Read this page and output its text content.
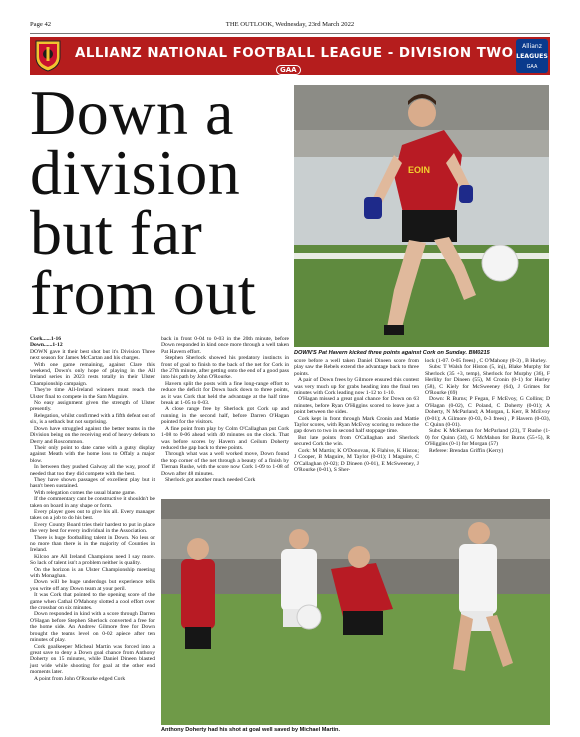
Page 42	THE OUTLOOK, Wednesday, 23rd March 2022
ALLIANZ NATIONAL FOOTBALL LEAGUE - DIVISION TWO
GAA
Allianz
LEAGUES
GAA
Down a
division
but far
from out
EOIN
DOWN'S Pat Havern kicked three points against Cork on Sunday. BM0215

Cork......1-16

Down......1-12

DOWN gave it their best shot but it's Division Three next season for James McCartan and his charges.

With one game remaining, against Clare this weekend, Down's only hope of playing in the All Ireland series in 2023 rests totally in their Ulster Championship campaign.

They're time All-Ireland winners must reach the Ulster final to compete in the Sam Maguire.

No easy assignment given the strength of Ulster presently.

Relegation, whilst confirmed with a fifth defeat out of six, is a setback but not surprising.

Down have struggled against the better teams in the Division being on the receiving end of heavy defeats to Derry and Roscommon.

Their only point to date came with a gutsy display against Meath with the home loss to Offaly a major blow.

In between they pushed Galway all the way, proof if needed that too they did compete with the best.

They have shown passages of excellent play but it hasn't been sustained.

With relegation comes the usual blame game.

If the commentary cant be constructive it shouldn't be taken on board in any shape or form.

Every player goes out to give his all. Every manager takes on a job to do his best.

Every County Board tries their hardest to put in place the very best for every individual in the Association.

There is huge footballing talent in Down. No less or no more than there is in the majority of Counties in Ireland.

Kilcoo are All Ireland Champions need I say more. So lack of talent isn't a problem neither is quality.

On the horizon is an Ulster Championship meeting with Monaghan.

Down will be huge underdogs but experience tells you write off any Down team at your peril.

It was Cork that pointed to the opening score of the game when Cathal O'Mahony slotted a cool effort over the crossbar on six minutes.

Down responded in kind with a score through Darren O'Hagan before Stephen Sherlock converted a free for the home side. An Andrew Gilmore free for Down brought the teams level on 0-02 apiece after ten minutes of play.

Cork goalkeeper Micheal Martin was forced into a great save to deny a Down goal chance from Anthony Doherty on 15 minutes, while Daniel Dineen blasted just wide while shooting for goal at the other end moments later.

A point from John O'Rourke edged Cork

back in front 0-04 to 0-03 in the 20th minute, before Down responded in kind once more through a well taken Pat Havern effort.

Stephen Sherlock showed his predatory instincts in front of goal to finish to the back of the net for Cork in the 27th minute, after getting onto the end of a good pass into his path by John O'Rourke.

Havern split the posts with a fine long-range effort to reduce the deficit for Down back down to three points, as it was Cork that held the advantage at the half time break at 1-05 to 0-03.

A close range free by Sherlock got Cork up and running in the second half, before Darren O'Hagan pointed for the visitors.

A fine point from play by Colm O'Callaghan put Cork 1-08 to 0-06 ahead with 40 minutes on the clock. That was before scores by Havern and Ceilum Doherty reduced the gap back to three points.

Through what was a well worked move, Down found the top corner of the net through a beauty of a finish by Tiernan Rushe, with the score now Cork 1-09 to 1-08 of Down after 48 minutes.

Sherlock got another much needed Cork

score before a well taken Daniel Dineen score from play saw the Rebels extend the advantage back to three points.

A pair of Down frees by Gilmore ensured this contest was very much up for grabs heading into the final ten minutes with Cork leading now 1-12 to 1-10.

O'Hagan missed a great goal chance for Down on 63 minutes, before Ryan O'Higgins scored to leave just a point between the sides.

Cork kept in front through Mark Cronin and Mattie Taylor scores, with Ryan McEvoy scoring to reduce the gap down to two in second half stoppage time.

But late points from O'Callaghan and Sherlock secured Cork the win.

Cork: M Martin; K O'Donovan, K Flahive, K Histon; J Cooper, B Maguire, M Taylor (0-01); I Maguire, C O'Callaghan (0-02); D Dineen (0-01), E McSweeney, J O'Rourke (0-01), S Sher-

lock (1-07. 0-05 frees) , C O'Mahony (0-3) , B Hurley.

Subs: T Walsh for Histon (5, inj), Blake Murphy for Sherlock (35 +3, temp), Sherlock for Murphy (36), F Herlihy for Dineen (55), M Cronin (0-1) for Hurley (58), C Kiely for McSweeney (64), J Grimes for O'Rourke (69)

Down: R Burns; P Fegan, F McEvoy, G Collins; D O'Hagan (0-02), C Poland, C Doherty (0-01); A Doherty, N McParland; A Morgan, L Kerr, R McEvoy (0-01); A Gilmore (0-03, 0-3 frees) , P Havern (0-03), C Quinn (0-01).

Subs: K McKernan for McParland (23), T Rushe (1-0) for Quinn (34), G McMahon for Burns (55+5), R O'Higgins (0-1) for Morgan (57)

Referee: Brendan Griffin (Kerry)

Anthony Doherty had his shot at goal well saved by Michael Martin.
